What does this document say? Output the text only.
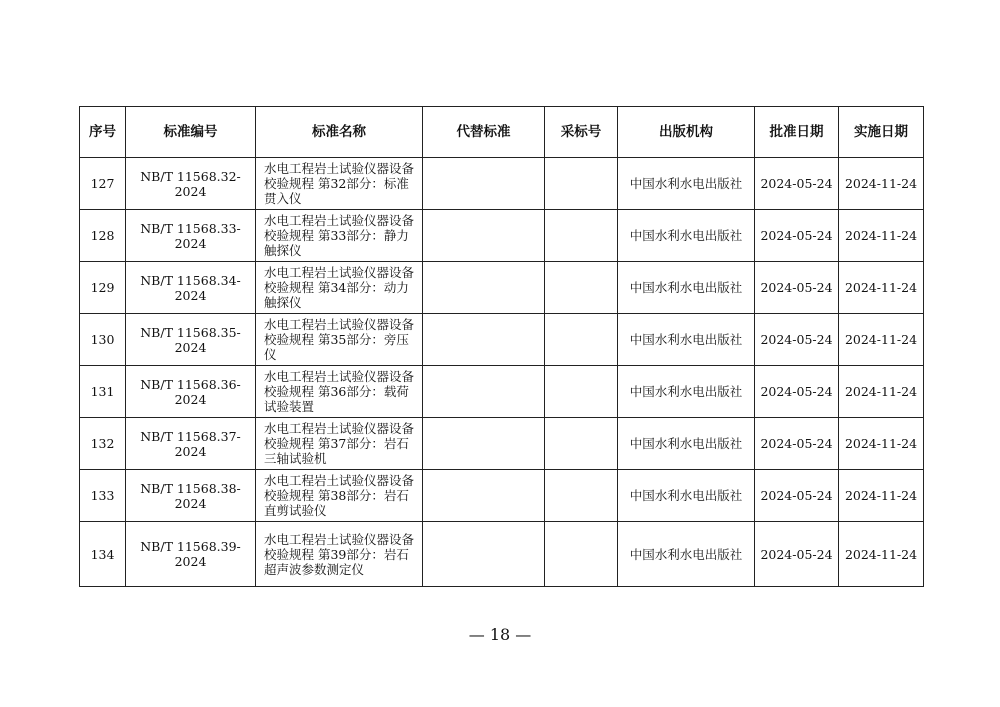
序号	标准编号	标准名称	代替标准	采标号	出版机构	批准日期	实施日期
127	NB/T 11568.32-2024	水电工程岩土试验仪器设备校验规程 第32部分：标准贯入仪			中国水利水电出版社	2024-05-24	2024-11-24
128	NB/T 11568.33-2024	水电工程岩土试验仪器设备校验规程 第33部分：静力触探仪			中国水利水电出版社	2024-05-24	2024-11-24
129	NB/T 11568.34-2024	水电工程岩土试验仪器设备校验规程 第34部分：动力触探仪			中国水利水电出版社	2024-05-24	2024-11-24
130	NB/T 11568.35-2024	水电工程岩土试验仪器设备校验规程 第35部分：旁压仪			中国水利水电出版社	2024-05-24	2024-11-24
131	NB/T 11568.36-2024	水电工程岩土试验仪器设备校验规程 第36部分：载荷试验装置			中国水利水电出版社	2024-05-24	2024-11-24
132	NB/T 11568.37-2024	水电工程岩土试验仪器设备校验规程 第37部分：岩石三轴试验机			中国水利水电出版社	2024-05-24	2024-11-24
133	NB/T 11568.38-2024	水电工程岩土试验仪器设备校验规程 第38部分：岩石直剪试验仪			中国水利水电出版社	2024-05-24	2024-11-24
134	NB/T 11568.39-2024	水电工程岩土试验仪器设备校验规程 第39部分：岩石超声波参数测定仪			中国水利水电出版社	2024-05-24	2024-11-24
— 18 —
